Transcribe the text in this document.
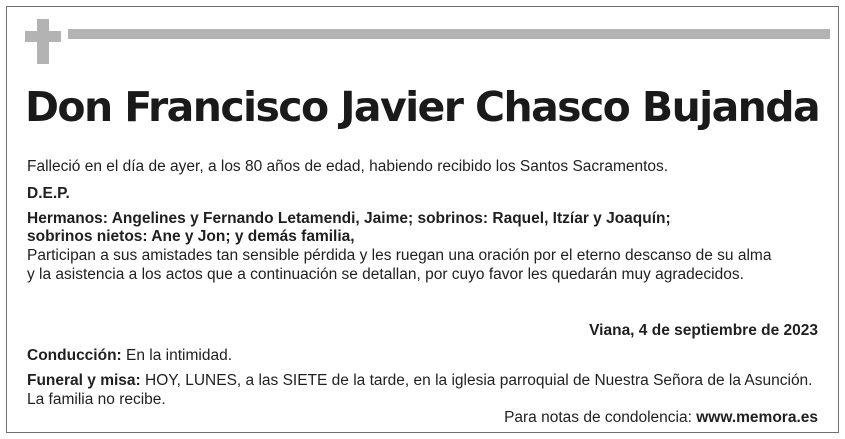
Don Francisco Javier Chasco Bujanda
Falleció en el día de ayer, a los 80 años de edad, habiendo recibido los Santos Sacramentos.
D.E.P.
Hermanos: Angelines y Fernando Letamendi, Jaime; sobrinos: Raquel, Itzíar y Joaquín;
sobrinos nietos: Ane y Jon; y demás familia,
Participan a sus amistades tan sensible pérdida y les ruegan una oración por el eterno descanso de su alma
y la asistencia a los actos que a continuación se detallan, por cuyo favor les quedarán muy agradecidos.
Viana, 4 de septiembre de 2023
Conducción: En la intimidad.
Funeral y misa: HOY, LUNES, a las SIETE de la tarde, en la iglesia parroquial de Nuestra Señora de la Asunción.
La familia no recibe.
Para notas de condolencia: www.memora.es
